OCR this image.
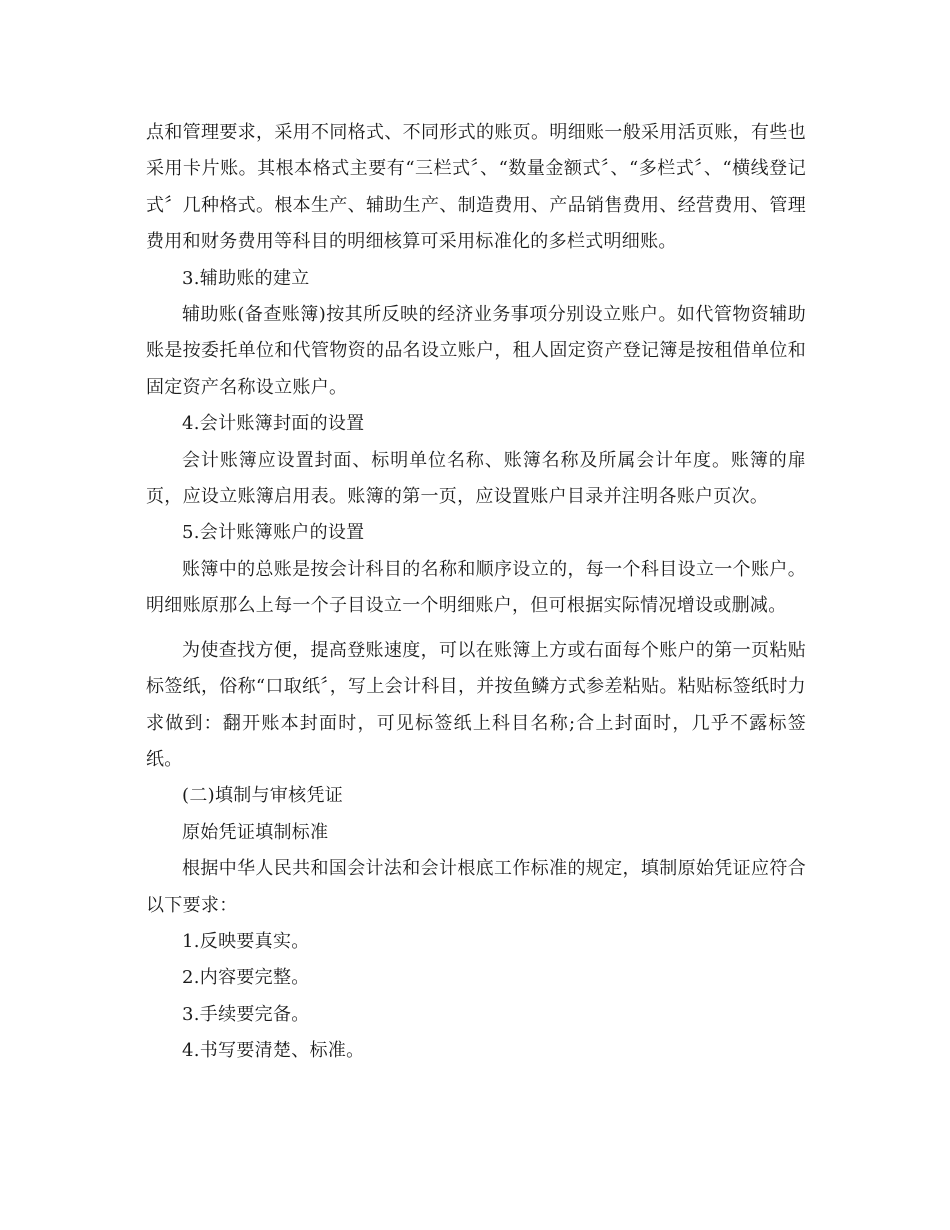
点和管理要求，采用不同格式、不同形式的账页。明细账一般采用活页账，有些也采用卡片账。其根本格式主要有“三栏式〞、“数量金额式〞、“多栏式〞、“横线登记式〞几种格式。根本生产、辅助生产、制造费用、产品销售费用、经营费用、管理费用和财务费用等科目的明细核算可采用标准化的多栏式明细账。

3.辅助账的建立

辅助账(备查账簿)按其所反映的经济业务事项分别设立账户。如代管物资辅助账是按委托单位和代管物资的品名设立账户，租人固定资产登记簿是按租借单位和固定资产名称设立账户。

4.会计账簿封面的设置

会计账簿应设置封面、标明单位名称、账簿名称及所属会计年度。账簿的扉页，应设立账簿启用表。账簿的第一页，应设置账户目录并注明各账户页次。

5.会计账簿账户的设置

账簿中的总账是按会计科目的名称和顺序设立的，每一个科目设立一个账户。明细账原那么上每一个子目设立一个明细账户，但可根据实际情况增设或删减。

为使查找方便，提高登账速度，可以在账簿上方或右面每个账户的第一页粘贴标签纸，俗称“口取纸〞，写上会计科目，并按鱼鳞方式参差粘贴。粘贴标签纸时力求做到：翻开账本封面时，可见标签纸上科目名称;合上封面时，几乎不露标签纸。

(二)填制与审核凭证

原始凭证填制标准

根据中华人民共和国会计法和会计根底工作标准的规定，填制原始凭证应符合以下要求：

1.反映要真实。

2.内容要完整。

3.手续要完备。

4.书写要清楚、标准。
